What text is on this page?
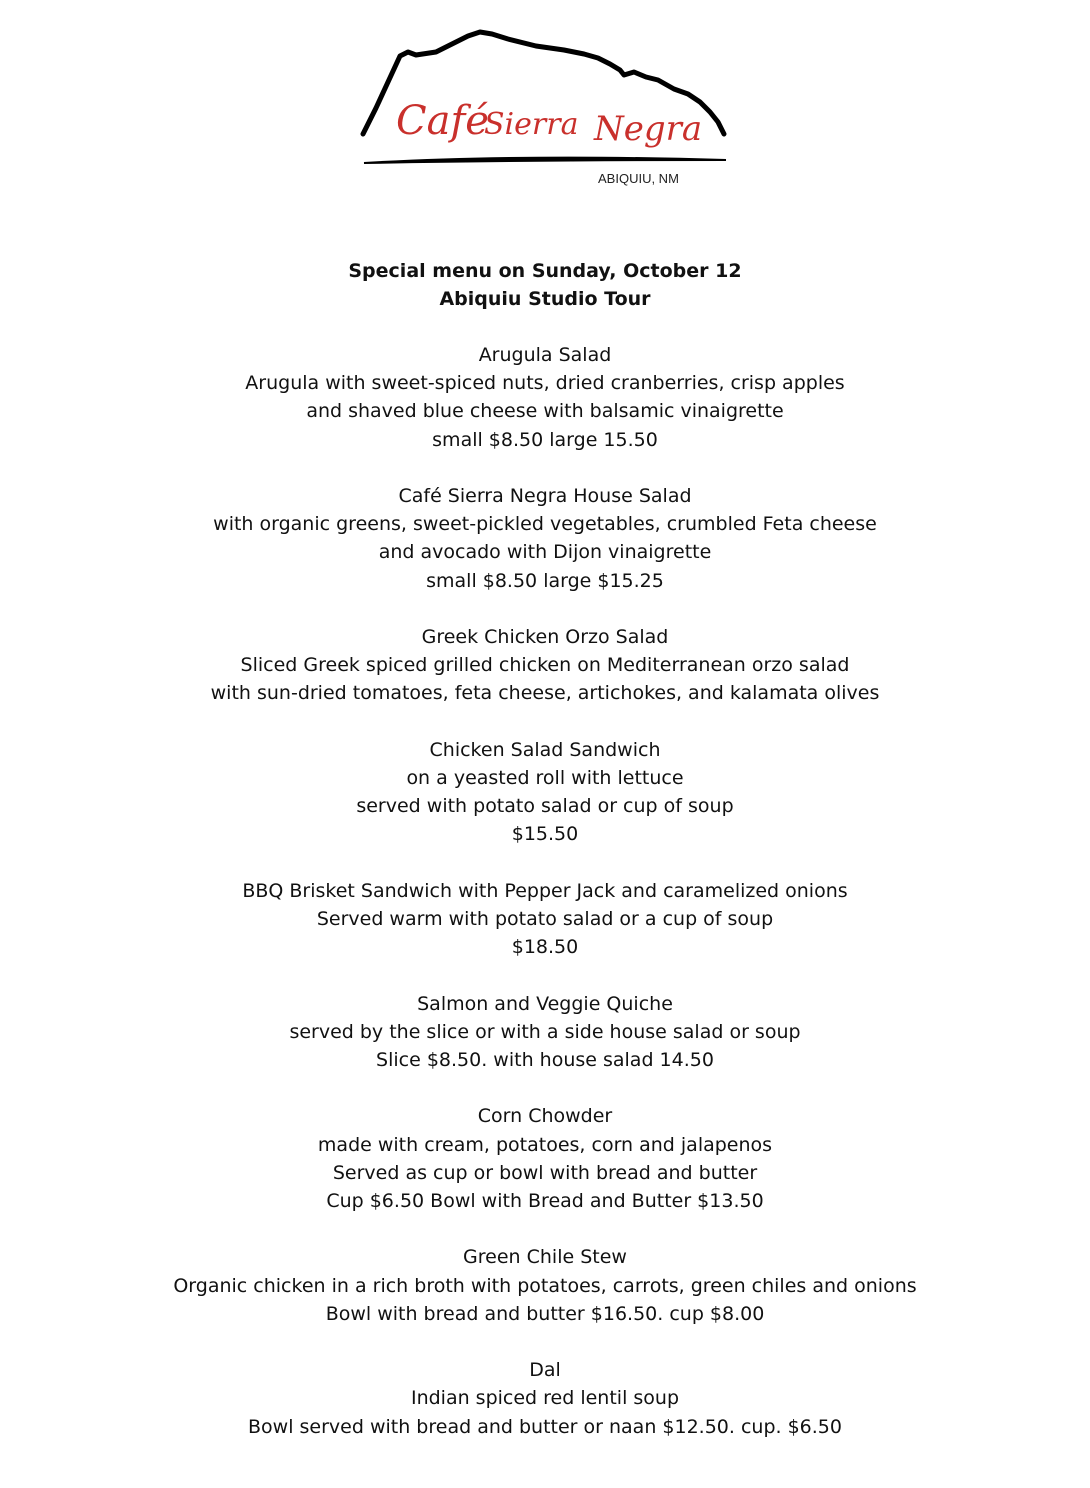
Café
Sierra Negra
ABIQUIU, NM
Special menu on Sunday, October 12
Abiquiu Studio Tour
Arugula Salad
Arugula with sweet-spiced nuts, dried cranberries, crisp apples
and shaved blue cheese with balsamic vinaigrette
small $8.50 large 15.50
Café Sierra Negra House Salad
with organic greens, sweet-pickled vegetables, crumbled Feta cheese
and avocado with Dijon vinaigrette
small $8.50 large $15.25
Greek Chicken Orzo Salad
Sliced Greek spiced grilled chicken on Mediterranean orzo salad
with sun-dried tomatoes, feta cheese, artichokes, and kalamata olives
Chicken Salad Sandwich
on a yeasted roll with lettuce
served with potato salad or cup of soup
$15.50
BBQ Brisket Sandwich with Pepper Jack and caramelized onions
Served warm with potato salad or a cup of soup
$18.50
Salmon and Veggie Quiche
served by the slice or with a side house salad or soup
Slice $8.50. with house salad 14.50
Corn Chowder
made with cream, potatoes, corn and jalapenos
Served as cup or bowl with bread and butter
Cup $6.50 Bowl with Bread and Butter $13.50
Green Chile Stew
Organic chicken in a rich broth with potatoes, carrots, green chiles and onions
Bowl with bread and butter $16.50. cup $8.00
Dal
Indian spiced red lentil soup
Bowl served with bread and butter or naan $12.50. cup. $6.50
